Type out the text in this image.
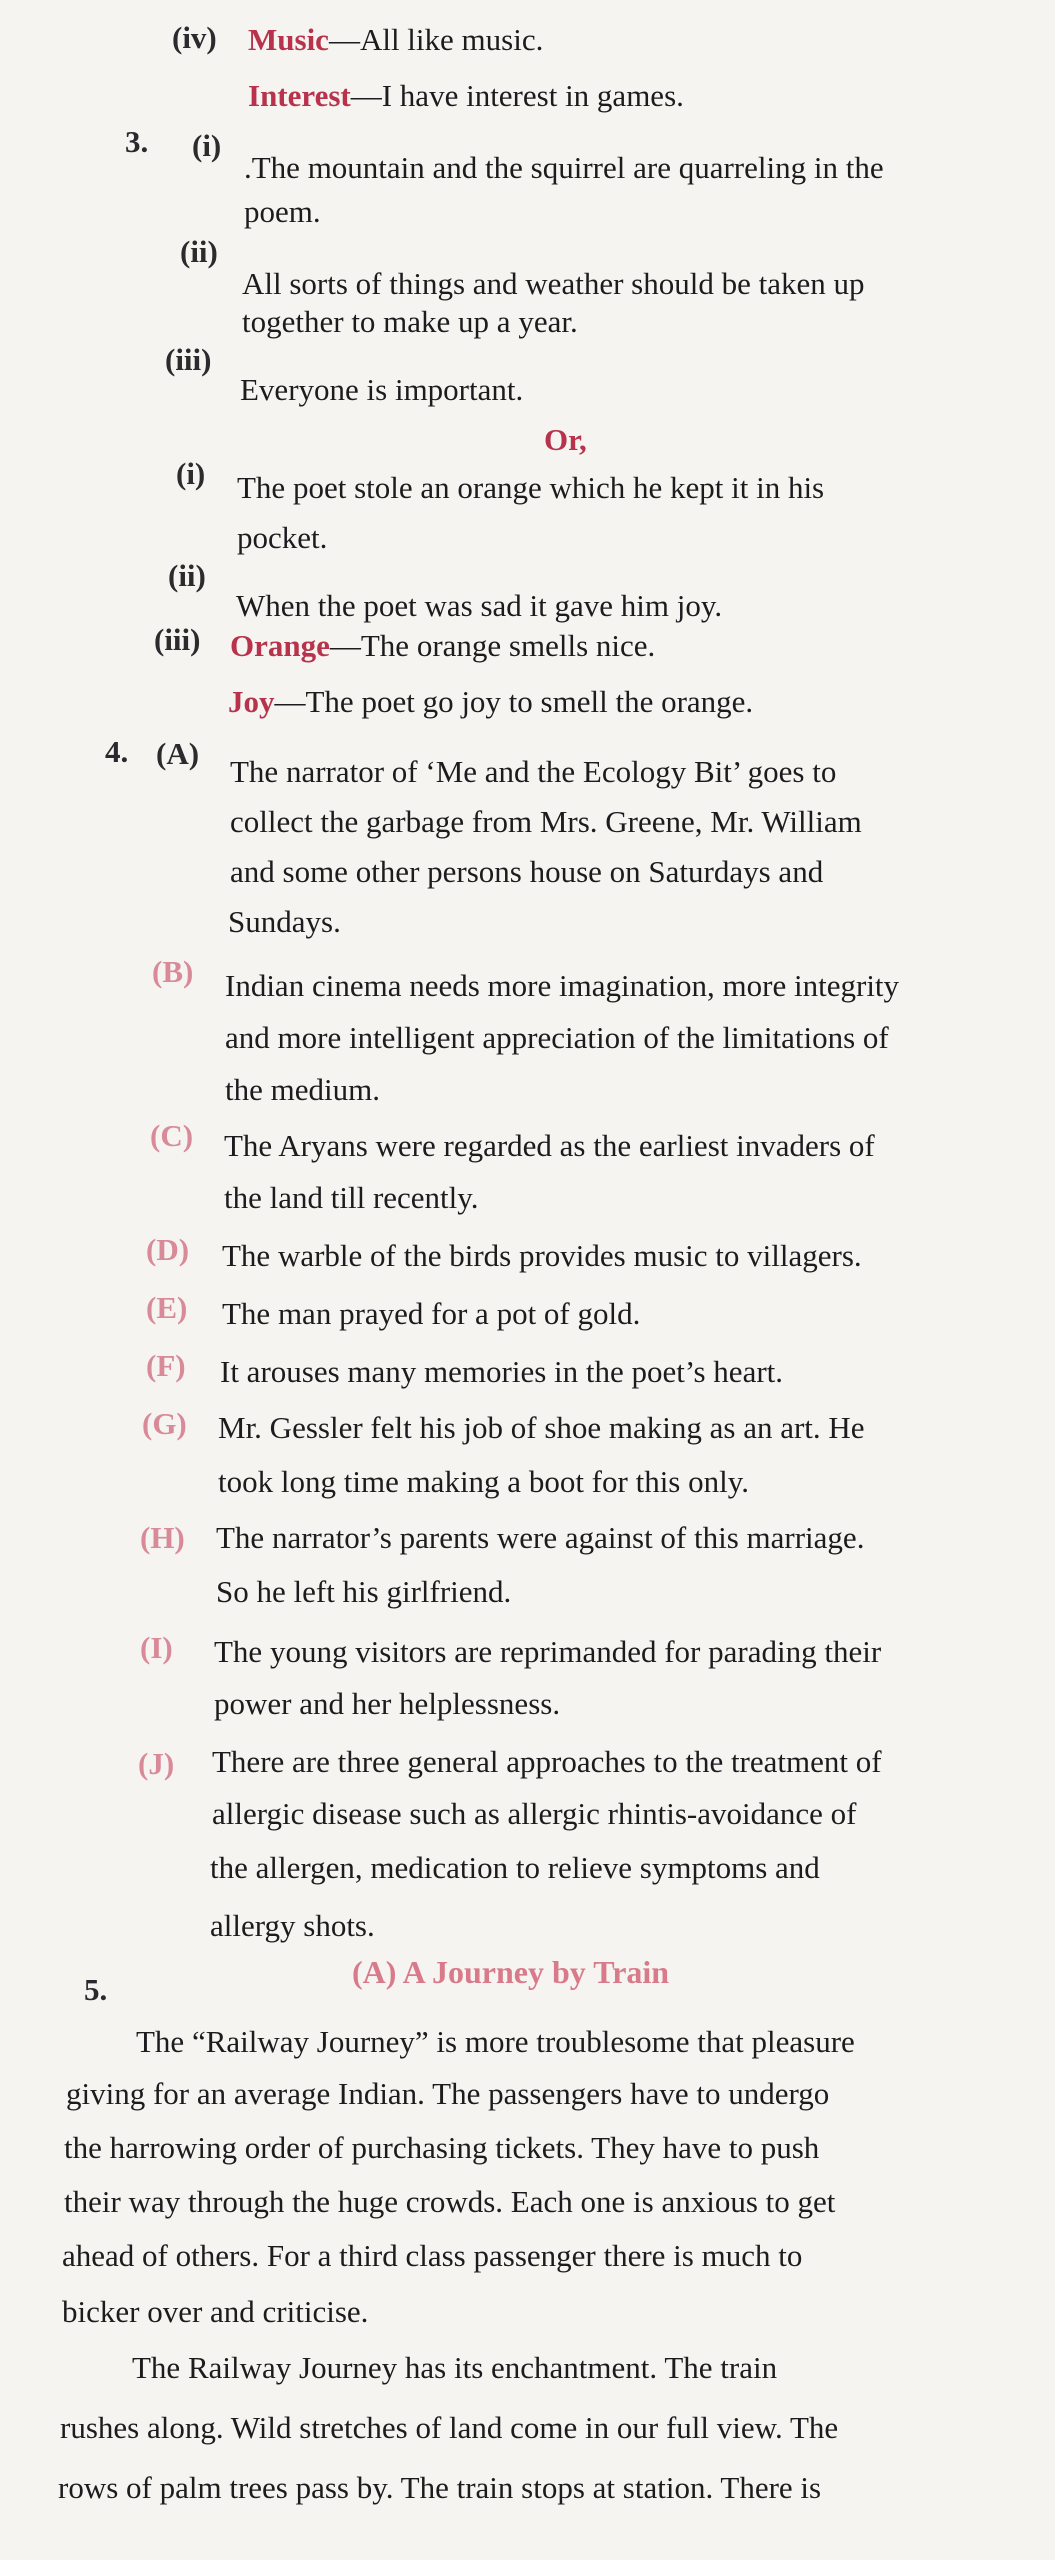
(iv) Music—All like music.
Interest—I have interest in games.
3. (i)
.The mountain and the squirrel are quarreling in the
poem.
(ii)
All sorts of things and weather should be taken up
together to make up a year.
(iii)
Everyone is important.
Or,
(i) The poet stole an orange which he kept it in his
pocket.
(ii)
When the poet was sad it gave him joy.
(iii) Orange—The orange smells nice.
Joy—The poet go joy to smell the orange.
4. (A)
The narrator of ‘Me and the Ecology Bit’ goes to
collect the garbage from Mrs. Greene, Mr. William
and some other persons house on Saturdays and
Sundays.
(B) Indian cinema needs more imagination, more integrity
and more intelligent appreciation of the limitations of
the medium.
(C) The Aryans were regarded as the earliest invaders of
the land till recently.
(D) The warble of the birds provides music to villagers.
(E) The man prayed for a pot of gold.
(F) It arouses many memories in the poet’s heart.
(G) Mr. Gessler felt his job of shoe making as an art. He
took long time making a boot for this only.
(H) The narrator’s parents were against of this marriage.
So he left his girlfriend.
(I) The young visitors are reprimanded for parading their
power and her helplessness.
(J) There are three general approaches to the treatment of
allergic disease such as allergic rhintis-avoidance of
the allergen, medication to relieve symptoms and
allergy shots.
5.	(A) A Journey by Train
The “Railway Journey” is more troublesome that pleasure
giving for an average Indian. The passengers have to undergo
the harrowing order of purchasing tickets. They have to push
their way through the huge crowds. Each one is anxious to get
ahead of others. For a third class passenger there is much to
bicker over and criticise.
The Railway Journey has its enchantment. The train
rushes along. Wild stretches of land come in our full view. The
rows of palm trees pass by. The train stops at station. There is
